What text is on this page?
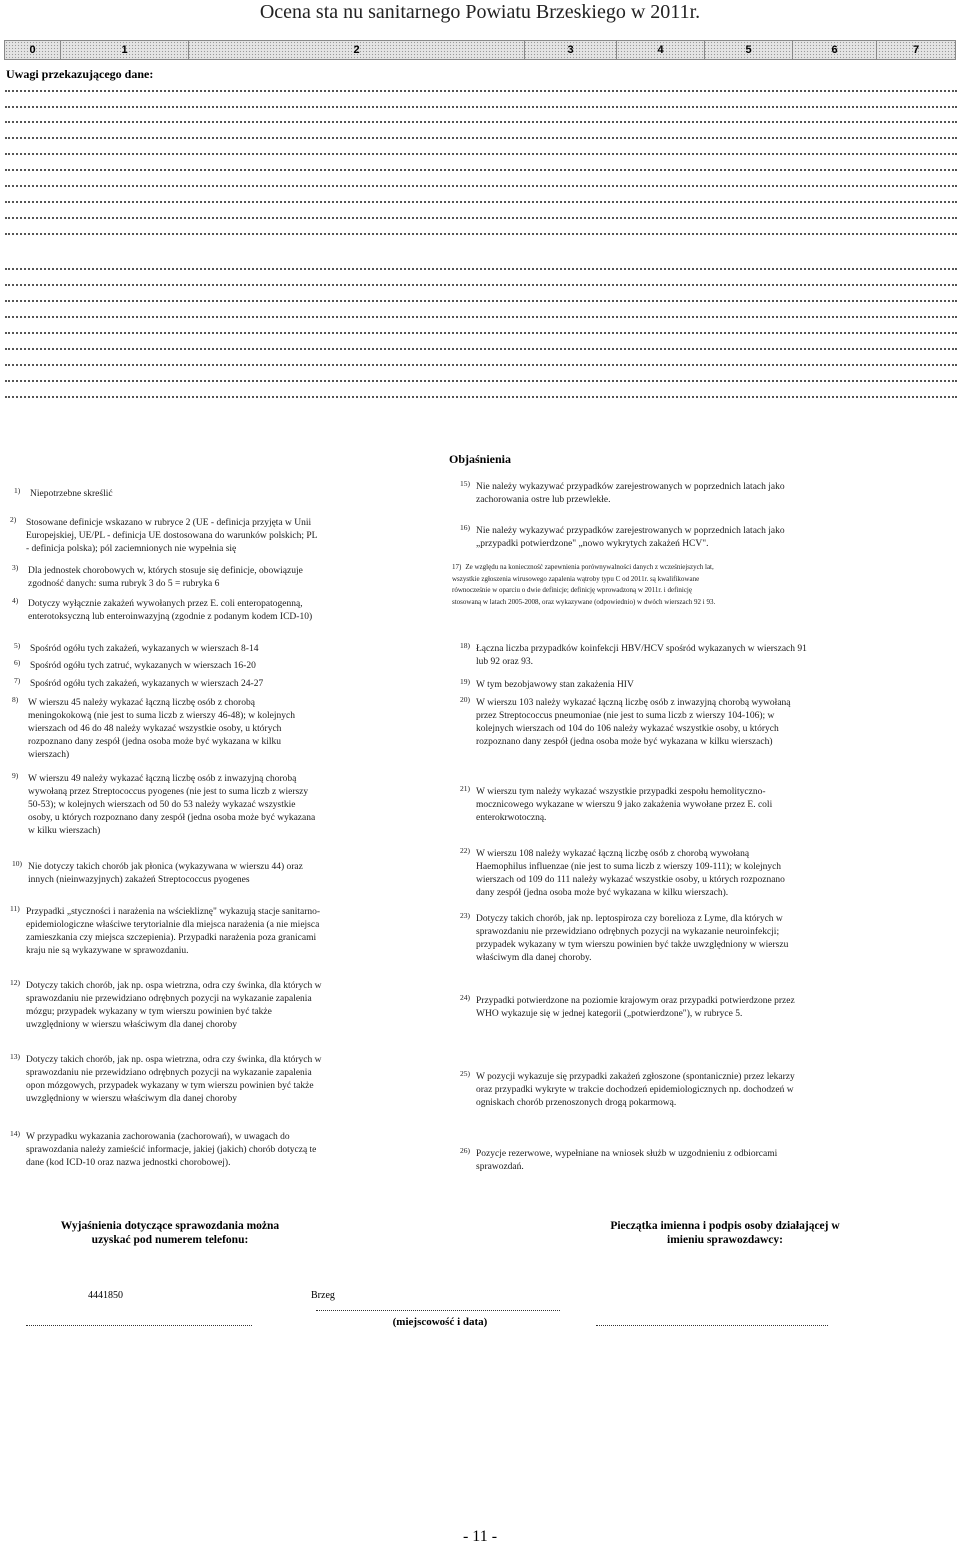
Ocena sta nu sanitarnego Powiatu Brzeskiego w 2011r.
0	1	2	3	4	5	6	7
Uwagi przekazującego dane:
Objaśnienia
1) Niepotrzebne skreślić
2) Stosowane definicje wskazano w rubryce 2 (UE - definicja przyjęta w Unii Europejskiej, UE/PL - definicja UE dostosowana do warunków polskich; PL - definicja polska); pól zaciemnionych nie wypełnia się
3) Dla jednostek chorobowych w, których stosuje się definicje, obowiązuje zgodność danych: suma rubryk 3 do 5 = rubryka 6
4) Dotyczy wyłącznie zakażeń wywołanych przez E. coli enteropatogenną, enterotoksyczną lub enteroinwazyjną (zgodnie z podanym kodem ICD-10)
5) Spośród ogółu tych zakażeń, wykazanych w wierszach 8-14
6) Spośród ogółu tych zatruć, wykazanych w wierszach 16-20
7) Spośród ogółu tych zakażeń, wykazanych w wierszach 24-27
8) W wierszu 45 należy wykazać łączną liczbę osób z chorobą meningokokową (nie jest to suma liczb z wierszy 46-48); w kolejnych wierszach od 46 do 48 należy wykazać wszystkie osoby, u których rozpoznano dany zespół (jedna osoba może być wykazana w kilku wierszach)
9) W wierszu 49 należy wykazać łączną liczbę osób z inwazyjną chorobą wywołaną przez Streptococcus pyogenes (nie jest to suma liczb z wierszy 50-53); w kolejnych wierszach od 50 do 53 należy wykazać wszystkie osoby, u których rozpoznano dany zespół (jedna osoba może być wykazana w kilku wierszach)
10) Nie dotyczy takich chorób jak płonica (wykazywana w wierszu 44) oraz innych (nieinwazyjnych) zakażeń Streptococcus pyogenes
11) Przypadki „styczności i narażenia na wściekliznę" wykazują stacje sanitarno-epidemiologiczne właściwe terytorialnie dla miejsca narażenia (a nie miejsca zamieszkania czy miejsca szczepienia). Przypadki narażenia poza granicami kraju nie są wykazywane w sprawozdaniu.
12) Dotyczy takich chorób, jak np. ospa wietrzna, odra czy świnka, dla których w sprawozdaniu nie przewidziano odrębnych pozycji na wykazanie zapalenia mózgu; przypadek wykazany w tym wierszu powinien być także uwzględniony w wierszu właściwym dla danej choroby
13) Dotyczy takich chorób, jak np. ospa wietrzna, odra czy świnka, dla których w sprawozdaniu nie przewidziano odrębnych pozycji na wykazanie zapalenia opon mózgowych, przypadek wykazany w tym wierszu powinien być także uwzględniony w wierszu właściwym dla danej choroby
14) W przypadku wykazania zachorowania (zachorowań), w uwagach do sprawozdania należy zamieścić informacje, jakiej (jakich) chorób dotyczą te dane (kod ICD-10 oraz nazwa jednostki chorobowej).
15) Nie należy wykazywać przypadków zarejestrowanych w poprzednich latach jako zachorowania ostre lub przewlekłe.
16) Nie należy wykazywać przypadków zarejestrowanych w poprzednich latach jako „przypadki potwierdzone" „nowo wykrytych zakażeń HCV".
17) Ze względu na konieczność zapewnienia porównywalności danych z wcześniejszych lat, wszystkie zgłoszenia wirusowego zapalenia wątroby typu C od 2011r. są kwalifikowane równocześnie w oparciu o dwie definicje; definicję wprowadzoną w 2011r. i definicję stosowaną w latach 2005-2008, oraz wykazywane (odpowiednio) w dwóch wierszach 92 i 93.
18) Łączna liczba przypadków koinfekcji HBV/HCV spośród wykazanych w wierszach 91 lub 92 oraz 93.
19) W tym bezobjawowy stan zakażenia HIV
20) W wierszu 103 należy wykazać łączną liczbę osób z inwazyjną chorobą wywołaną przez Streptococcus pneumoniae (nie jest to suma liczb z wierszy 104-106); w kolejnych wierszach od 104 do 106 należy wykazać wszystkie osoby, u których rozpoznano dany zespół (jedna osoba może być wykazana w kilku wierszach)
21) W wierszu tym należy wykazać wszystkie przypadki zespołu hemolityczno-mocznicowego wykazane w wierszu 9 jako zakażenia wywołane przez E. coli enterokrwotoczną.
22) W wierszu 108 należy wykazać łączną liczbę osób z chorobą wywołaną Haemophilus influenzae (nie jest to suma liczb z wierszy 109-111); w kolejnych wierszach od 109 do 111 należy wykazać wszystkie osoby, u których rozpoznano dany zespół (jedna osoba może być wykazana w kilku wierszach).
23) Dotyczy takich chorób, jak np. leptospiroza czy borelioza z Lyme, dla których w sprawozdaniu nie przewidziano odrębnych pozycji na wykazanie neuroinfekcji; przypadek wykazany w tym wierszu powinien być także uwzględniony w wierszu właściwym dla danej choroby.
24) Przypadki potwierdzone na poziomie krajowym oraz przypadki potwierdzone przez WHO wykazuje się w jednej kategorii („potwierdzone"), w rubryce 5.
25) W pozycji wykazuje się przypadki zakażeń zgłoszone (spontanicznie) przez lekarzy oraz przypadki wykryte w trakcie dochodzeń epidemiologicznych np. dochodzeń w ogniskach chorób przenoszonych drogą pokarmową.
26) Pozycje rezerwowe, wypełniane na wniosek służb w uzgodnieniu z odbiorcami sprawozdań.
Wyjaśnienia dotyczące sprawozdania można uzyskać pod numerem telefonu:
Pieczątka imienna i podpis osoby działającej w imieniu sprawozdawcy:
4441850	Brzeg
(miejscowość i data)
- 11 -
